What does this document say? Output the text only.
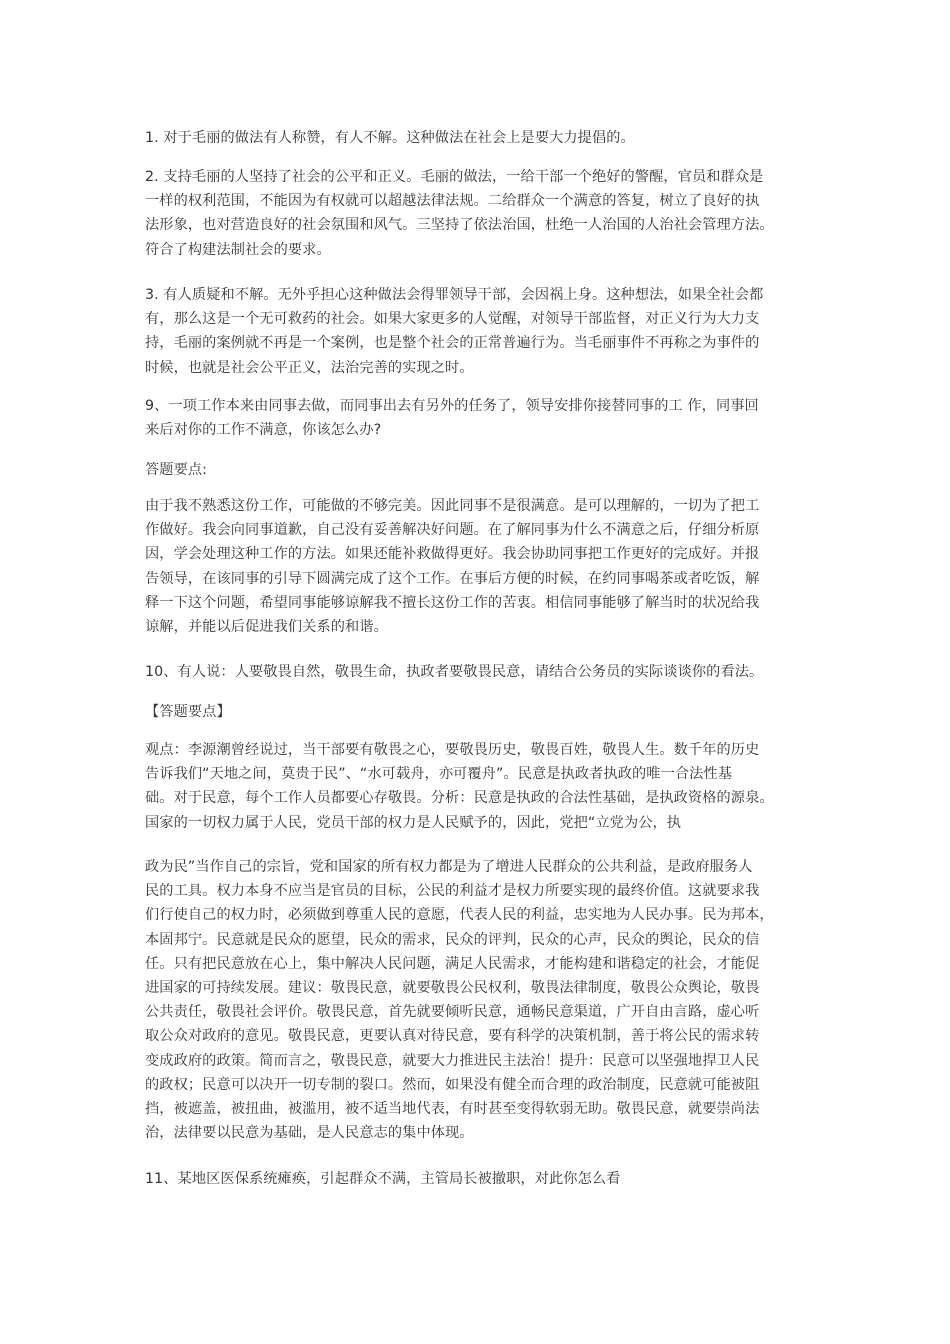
1. 对于毛丽的做法有人称赞，有人不解。这种做法在社会上是要大力提倡的。
2. 支持毛丽的人坚持了社会的公平和正义。毛丽的做法，一给干部一个绝好的警醒，官员和群众是
一样的权利范围，不能因为有权就可以超越法律法规。二给群众一个满意的答复，树立了良好的执
法形象，也对营造良好的社会氛围和风气。三坚持了依法治国，杜绝一人治国的人治社会管理方法。
符合了构建法制社会的要求。
3. 有人质疑和不解。无外乎担心这种做法会得罪领导干部，会因祸上身。这种想法，如果全社会都
有，那么这是一个无可救药的社会。如果大家更多的人觉醒，对领导干部监督，对正义行为大力支
持，毛丽的案例就不再是一个案例，也是整个社会的正常普遍行为。当毛丽事件不再称之为事件的
时候，也就是社会公平正义，法治完善的实现之时。
9、一项工作本来由同事去做，而同事出去有另外的任务了，领导安排你接替同事的工 作，同事回
来后对你的工作不满意，你该怎么办?
答题要点:
由于我不熟悉这份工作，可能做的不够完美。因此同事不是很满意。是可以理解的，一切为了把工
作做好。我会向同事道歉，自己没有妥善解决好问题。在了解同事为什么不满意之后，仔细分析原
因，学会处理这种工作的方法。如果还能补救做得更好。我会协助同事把工作更好的完成好。并报
告领导，在该同事的引导下圆满完成了这个工作。在事后方便的时候，在约同事喝茶或者吃饭，解
释一下这个问题，希望同事能够谅解我不擅长这份工作的苦衷。相信同事能够了解当时的状况给我
谅解，并能以后促进我们关系的和谐。
10、有人说：人要敬畏自然，敬畏生命，执政者要敬畏民意，请结合公务员的实际谈谈你的看法。
【答题要点】
观点：李源潮曾经说过，当干部要有敬畏之心，要敬畏历史，敬畏百姓，敬畏人生。数千年的历史
告诉我们“天地之间，莫贵于民”、“水可载舟，亦可覆舟”。民意是执政者执政的唯一合法性基
础。对于民意，每个工作人员都要心存敬畏。分析：民意是执政的合法性基础，是执政资格的源泉。
国家的一切权力属于人民，党员干部的权力是人民赋予的，因此，党把“立党为公，执
政为民”当作自己的宗旨，党和国家的所有权力都是为了增进人民群众的公共利益，是政府服务人
民的工具。权力本身不应当是官员的目标，公民的利益才是权力所要实现的最终价值。这就要求我
们行使自己的权力时，必须做到尊重人民的意愿，代表人民的利益，忠实地为人民办事。民为邦本，
本固邦宁。民意就是民众的愿望，民众的需求，民众的评判，民众的心声，民众的舆论，民众的信
任。只有把民意放在心上，集中解决人民问题，满足人民需求，才能构建和谐稳定的社会，才能促
进国家的可持续发展。建议：敬畏民意，就要敬畏公民权利，敬畏法律制度，敬畏公众舆论，敬畏
公共责任，敬畏社会评价。敬畏民意，首先就要倾听民意，通畅民意渠道，广开自由言路，虚心听
取公众对政府的意见。敬畏民意，更要认真对待民意，要有科学的决策机制，善于将公民的需求转
变成政府的政策。简而言之，敬畏民意，就要大力推进民主法治！提升：民意可以坚强地捍卫人民
的政权；民意可以决开一切专制的裂口。然而，如果没有健全而合理的政治制度，民意就可能被阻
挡，被遮盖，被扭曲，被滥用，被不适当地代表，有时甚至变得软弱无助。敬畏民意，就要崇尚法
治，法律要以民意为基础，是人民意志的集中体现。
11、某地区医保系统瘫痪，引起群众不满，主管局长被撤职，对此你怎么看
